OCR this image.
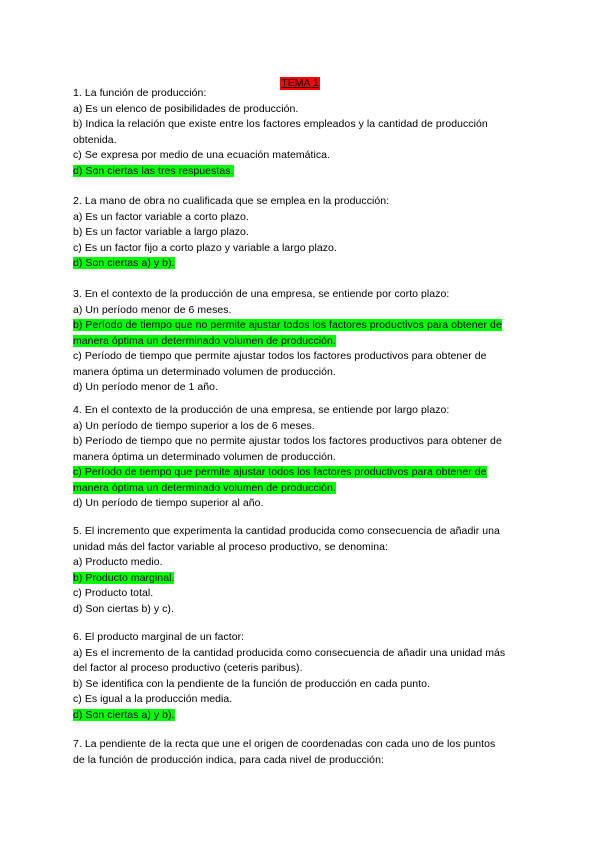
TEMA 1
1. La función de producción:
a) Es un elenco de posibilidades de producción.
b) Indica la relación que existe entre los factores empleados y la cantidad de producción
obtenida.
c) Se expresa por medio de una ecuación matemática.
d) Son ciertas las tres respuestas.
2. La mano de obra no cualificada que se emplea en la producción:
a) Es un factor variable a corto plazo.
b) Es un factor variable a largo plazo.
c) Es un factor fijo a corto plazo y variable a largo plazo.
d) Son ciertas a) y b).
3. En el contexto de la producción de una empresa, se entiende por corto plazo:
a) Un período menor de 6 meses.
b) Período de tiempo que no permite ajustar todos los factores productivos para obtener de
manera óptima un determinado volumen de producción.
c) Período de tiempo que permite ajustar todos los factores productivos para obtener de
manera óptima un determinado volumen de producción.
d) Un período menor de 1 año.
4. En el contexto de la producción de una empresa, se entiende por largo plazo:
a) Un período de tiempo superior a los de 6 meses.
b) Período de tiempo que no permite ajustar todos los factores productivos para obtener de
manera óptima un determinado volumen de producción.
c) Período de tiempo que permite ajustar todos los factores productivos para obtener de
manera óptima un determinado volumen de producción.
d) Un período de tiempo superior al año.
5. El incremento que experimenta la cantidad producida como consecuencia de añadir una
unidad más del factor variable al proceso productivo, se denomina:
a) Producto medio.
b) Producto marginal.
c) Producto total.
d) Son ciertas b) y c).
6. El producto marginal de un factor:
a) Es el incremento de la cantidad producida como consecuencia de añadir una unidad más
del factor al proceso productivo (ceteris paribus).
b) Se identifica con la pendiente de la función de producción en cada punto.
c) Es igual a la producción media.
d) Son ciertas a) y b).
7. La pendiente de la recta que une el origen de coordenadas con cada uno de los puntos
de la función de producción indica, para cada nivel de producción:
